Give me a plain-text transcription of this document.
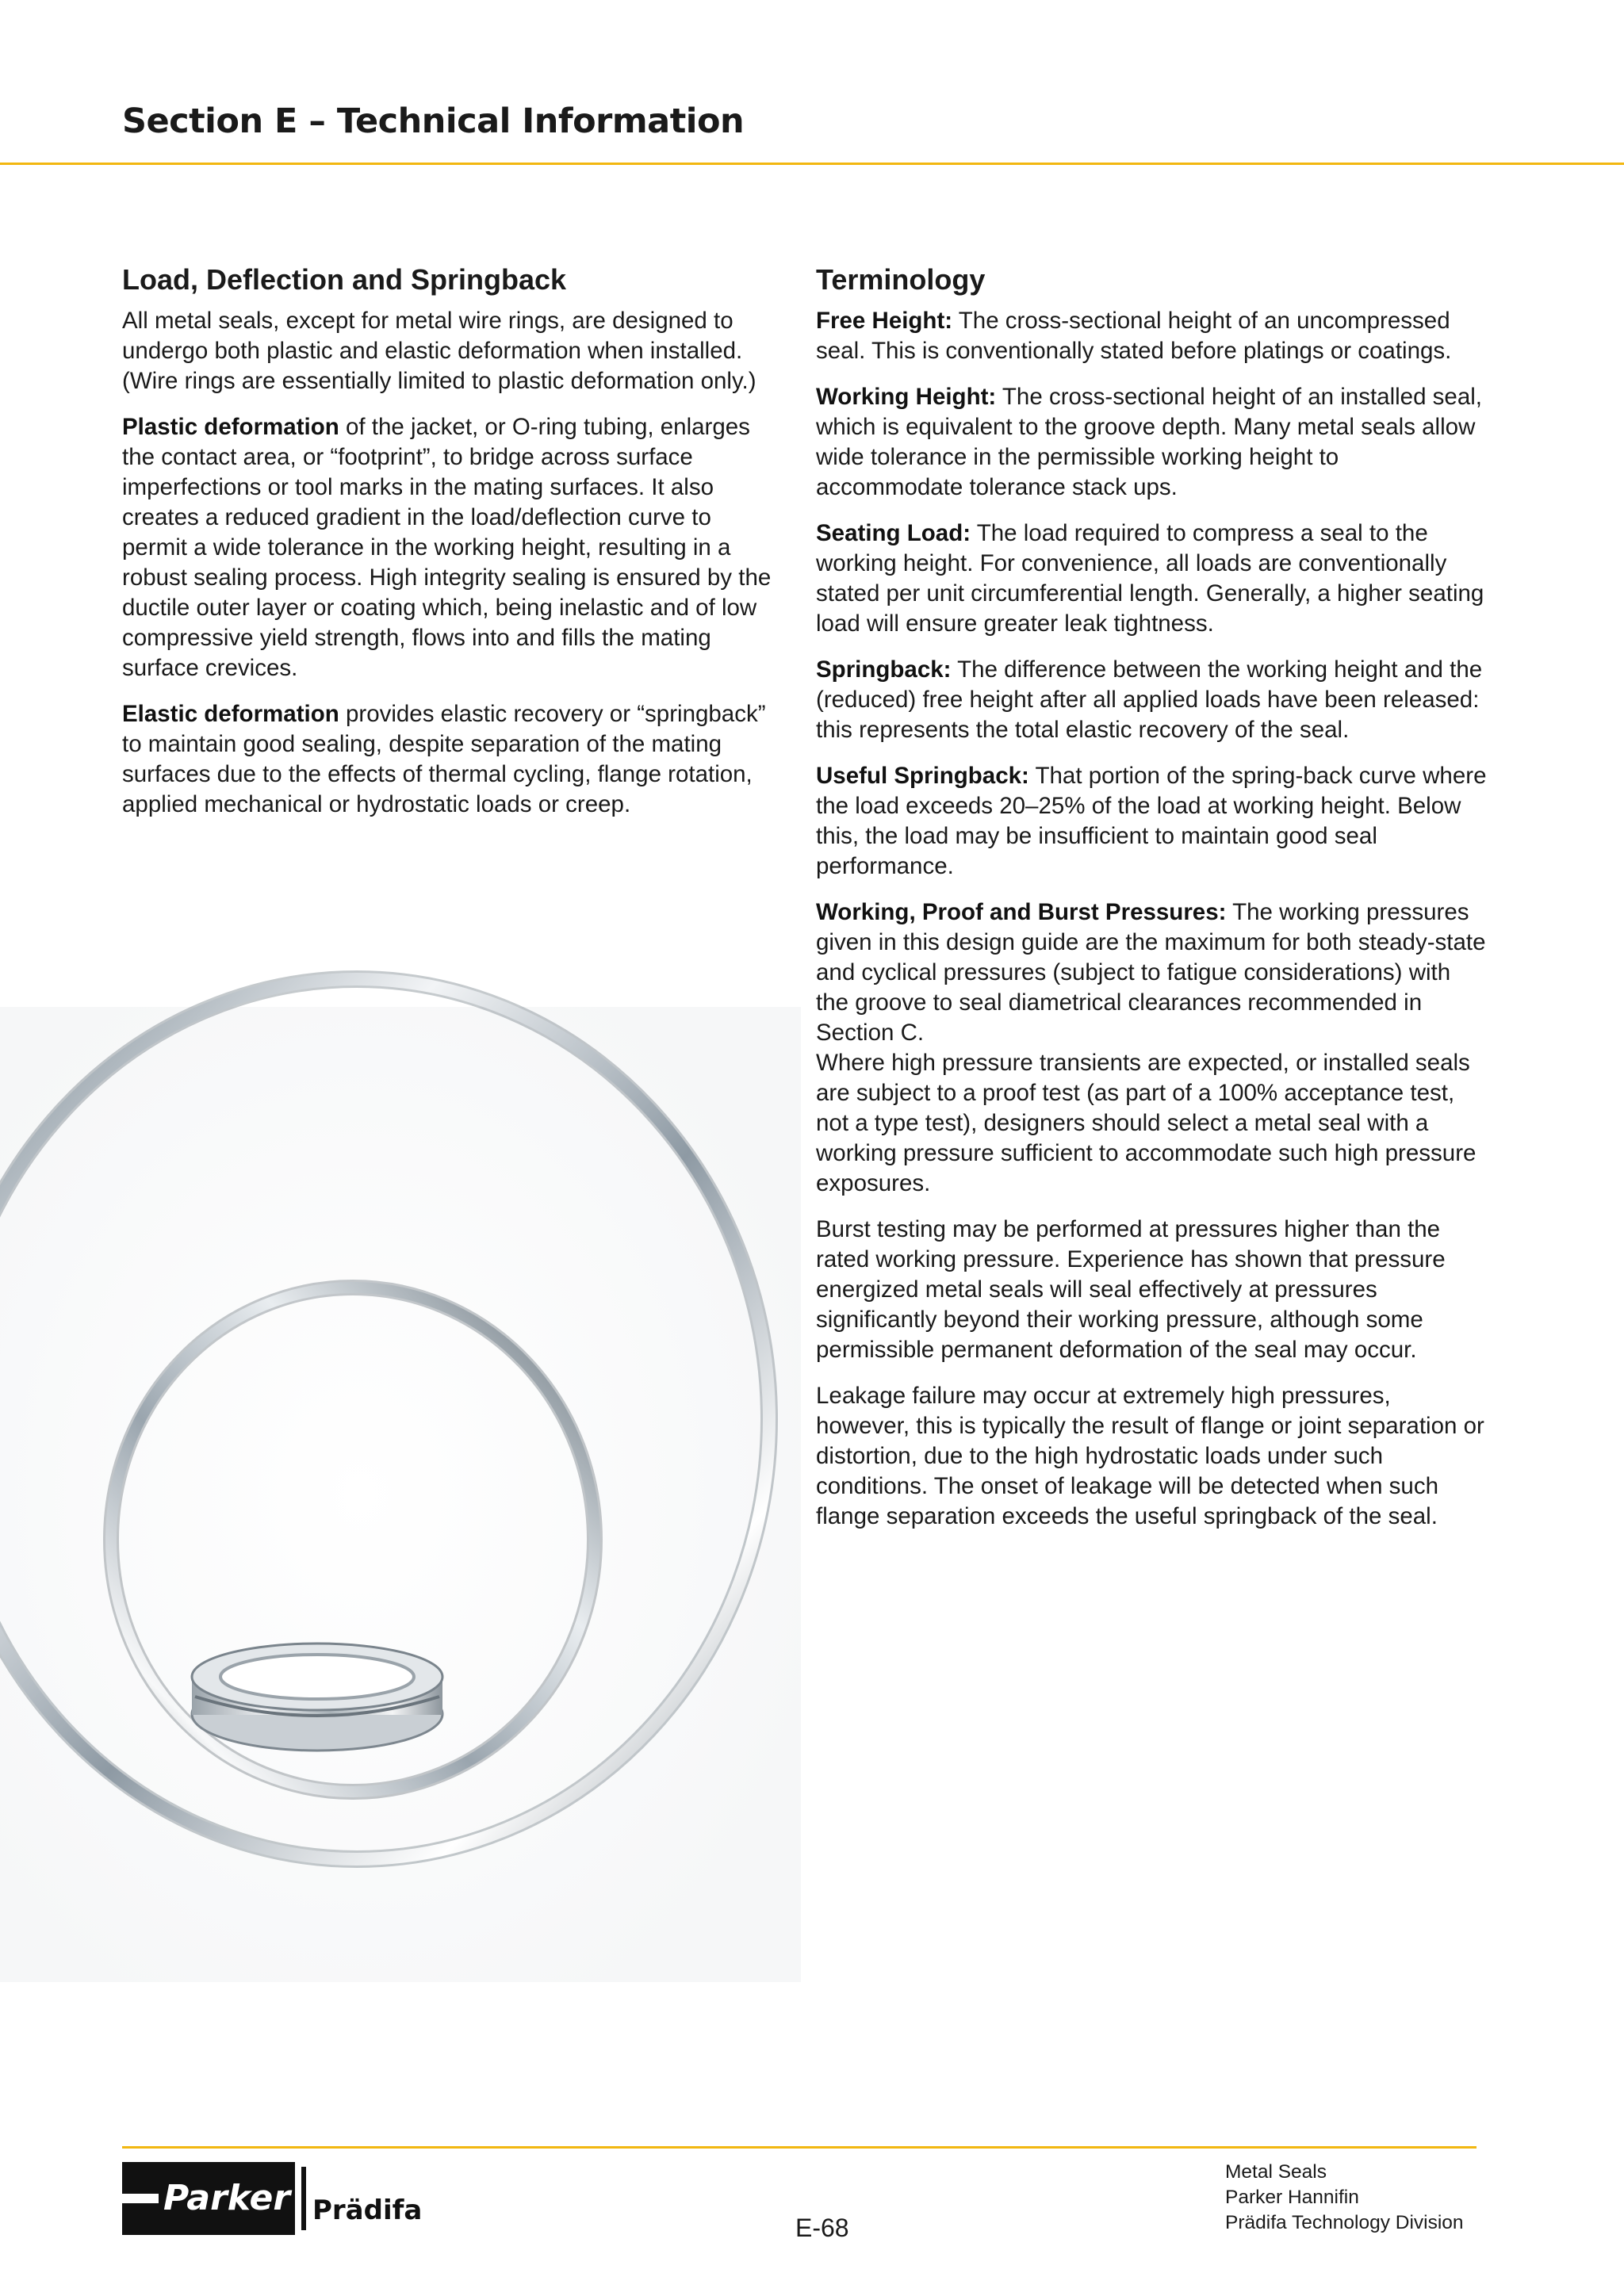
Section E – Technical Information
Load, Deflection and Springback

All metal seals, except for metal wire rings, are designed to undergo both plastic and elastic deformation when installed. (Wire rings are essentially limited to plastic deformation only.)

Plastic deformation of the jacket, or O-ring tubing, enlarges the contact area, or “footprint”, to bridge across surface imperfections or tool marks in the mating surfaces. It also creates a reduced gradient in the load/deflection curve to permit a wide tolerance in the working height, resulting in a robust sealing process. High integrity sealing is ensured by the ductile outer layer or coating which, being inelastic and of low compressive yield strength, flows into and fills the mating surface crevices.

Elastic deformation provides elastic recovery or “springback” to maintain good sealing, despite separation of the mating surfaces due to the effects of thermal cycling, flange rotation, applied mechanical or hydrostatic loads or creep.

Terminology

Free Height: The cross-sectional height of an uncompressed seal. This is conventionally stated before platings or coatings.

Working Height: The cross-sectional height of an installed seal, which is equivalent to the groove depth. Many metal seals allow wide tolerance in the permissible working height to accommodate tolerance stack ups.

Seating Load: The load required to compress a seal to the working height. For convenience, all loads are conventionally stated per unit circumferential length. Generally, a higher seating load will ensure greater leak tightness.

Springback: The difference between the working height and the (reduced) free height after all applied loads have been released: this represents the total elastic recovery of the seal.

Useful Springback: That portion of the spring-back curve where the load exceeds 20–25% of the load at working height. Below this, the load may be insufficient to maintain good seal performance.

Working, Proof and Burst Pressures: The working pressures given in this design guide are the maximum for both steady-state and cyclical pressures (subject to fatigue considerations) with the groove to seal diametrical clearances recommended in Section C.

Where high pressure transients are expected, or installed seals are subject to a proof test (as part of a 100% acceptance test, not a type test), designers should select a metal seal with a working pressure sufficient to accommodate such high pressure exposures.

Burst testing may be performed at pressures higher than the rated working pressure. Experience has shown that pressure energized metal seals will seal effectively at pressures significantly beyond their working pressure, although some permissible permanent deformation of the seal may occur.

Leakage failure may occur at extremely high pressures, however, this is typically the result of flange or joint separation or distortion, due to the high hydrostatic loads under such conditions. The onset of leakage will be detected when such flange separation exceeds the useful springback of the seal.

Parker Prädifa
E-68
Metal Seals
Parker Hannifin
Prädifa Technology Division
